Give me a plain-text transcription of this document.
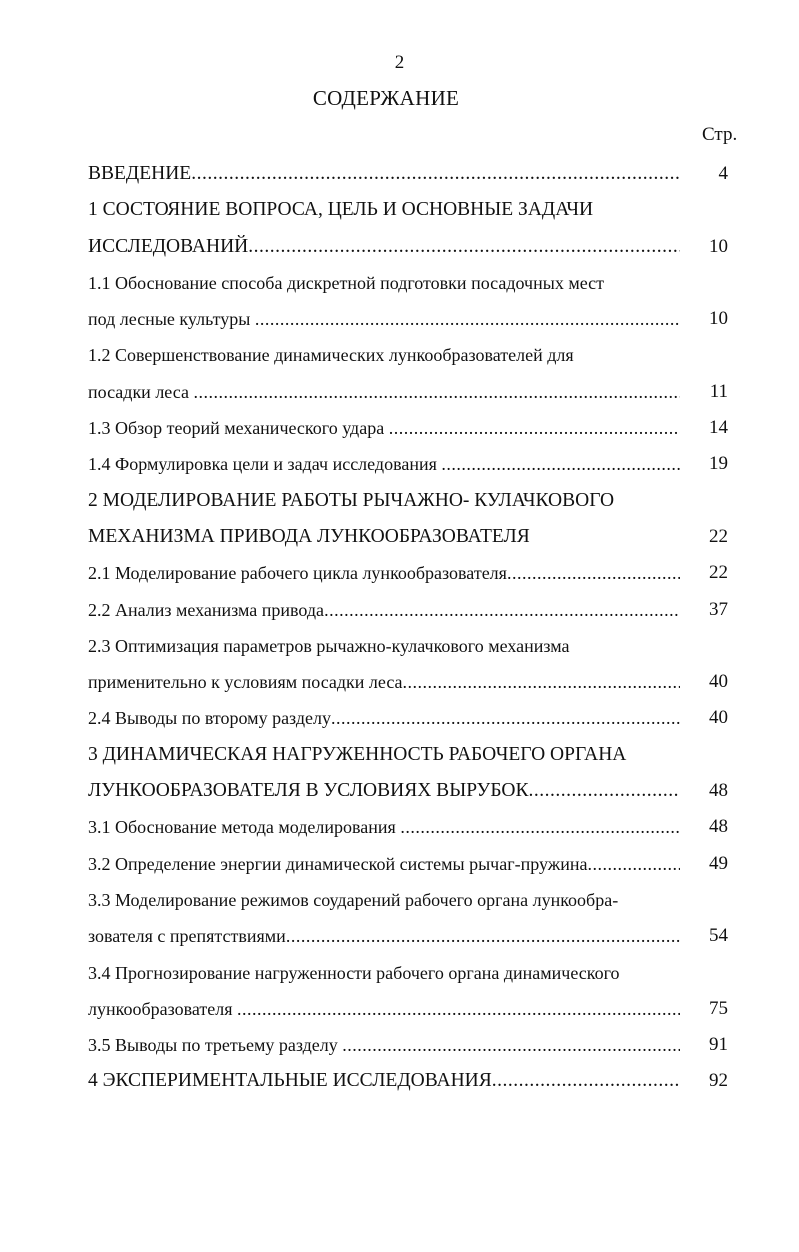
2
СОДЕРЖАНИЕ
Стр.
ВВЕДЕНИЕ .....	4
1 СОСТОЯНИЕ ВОПРОСА, ЦЕЛЬ И ОСНОВНЫЕ ЗАДАЧИ
ИССЛЕДОВАНИЙ .....	10
1.1 Обоснование способа дискретной подготовки посадочных мест
под лесные культуры .....	10
1.2 Совершенствование динамических лункообразователей для
посадки леса .....	11
1.3 Обзор теорий механического удара .....	14
1.4 Формулировка цели и задач исследования .....	19
2 МОДЕЛИРОВАНИЕ РАБОТЫ РЫЧАЖНО- КУЛАЧКОВОГО
МЕХАНИЗМА ПРИВОДА ЛУНКООБРАЗОВАТЕЛЯ	22
2.1 Моделирование рабочего цикла лункообразователя .....	22
2.2 Анализ механизма привода .....	37
2.3 Оптимизация параметров рычажно-кулачкового механизма
применительно к условиям посадки леса .....	40
2.4 Выводы по второму разделу .....	40
3 ДИНАМИЧЕСКАЯ НАГРУЖЕННОСТЬ РАБОЧЕГО ОРГАНА
ЛУНКООБРАЗОВАТЕЛЯ В УСЛОВИЯХ ВЫРУБОК .....	48
3.1 Обоснование метода моделирования .....	48
3.2 Определение энергии динамической системы рычаг-пружина .....	49
3.3 Моделирование режимов соударений рабочего органа лункообра-
зователя с препятствиями .....	54
3.4 Прогнозирование нагруженности рабочего органа динамического
лункообразователя .....	75
3.5 Выводы по третьему разделу .....	91
4 ЭКСПЕРИМЕНТАЛЬНЫЕ ИССЛЕДОВАНИЯ .....	92
